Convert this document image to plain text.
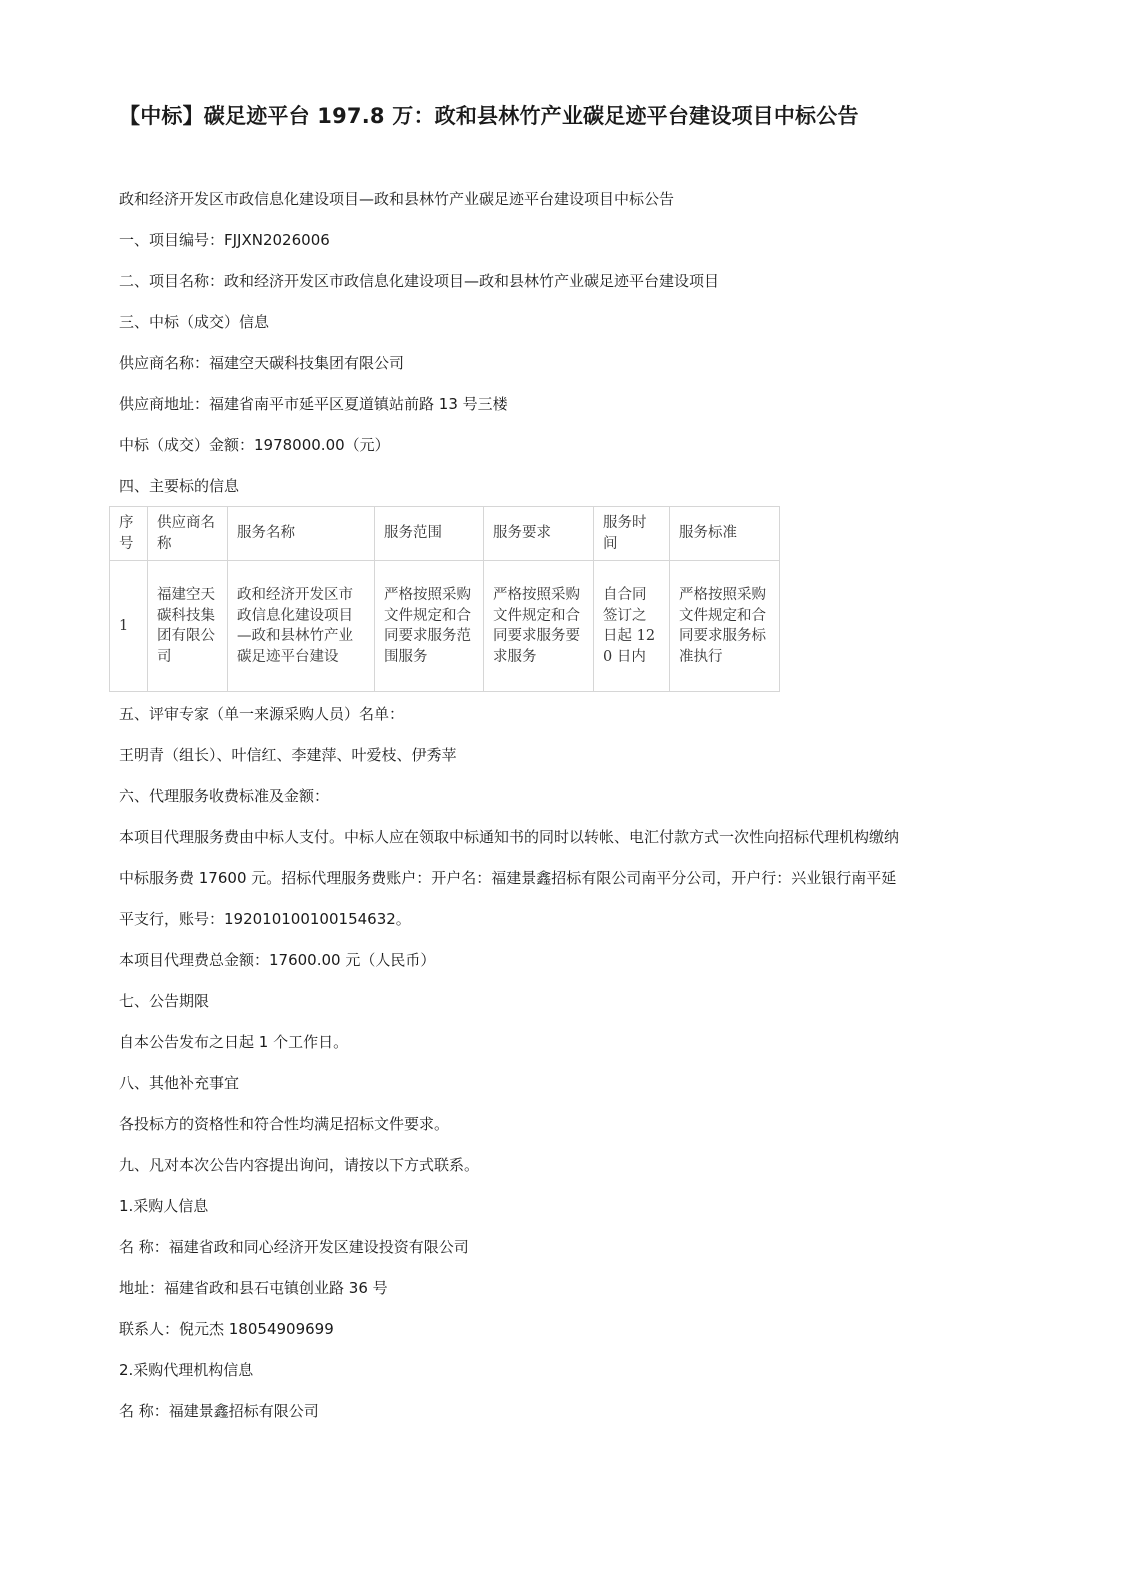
【中标】碳足迹平台 197.8 万：政和县林竹产业碳足迹平台建设项目中标公告

政和经济开发区市政信息化建设项目—政和县林竹产业碳足迹平台建设项目中标公告

一、项目编号：FJJXN2026006

二、项目名称：政和经济开发区市政信息化建设项目—政和县林竹产业碳足迹平台建设项目

三、中标（成交）信息

供应商名称：福建空天碳科技集团有限公司

供应商地址：福建省南平市延平区夏道镇站前路 13 号三楼

中标（成交）金额：1978000.00（元）

四、主要标的信息

序号	供应商名称	服务名称	服务范围	服务要求	服务时间	服务标准
1	福建空天碳科技集团有限公司	政和经济开发区市政信息化建设项目—政和县林竹产业碳足迹平台建设	严格按照采购文件规定和合同要求服务范围服务	严格按照采购文件规定和合同要求服务要求服务	自合同签订之日起 120 日内	严格按照采购文件规定和合同要求服务标准执行

五、评审专家（单一来源采购人员）名单：

王明青（组长）、叶信红、李建萍、叶爱枝、伊秀苹

六、代理服务收费标准及金额：

本项目代理服务费由中标人支付。中标人应在领取中标通知书的同时以转帐、电汇付款方式一次性向招标代理机构缴纳

中标服务费 17600 元。招标代理服务费账户：开户名：福建景鑫招标有限公司南平分公司，开户行：兴业银行南平延

平支行，账号：192010100100154632。

本项目代理费总金额：17600.00 元（人民币）

七、公告期限

自本公告发布之日起 1 个工作日。

八、其他补充事宜

各投标方的资格性和符合性均满足招标文件要求。

九、凡对本次公告内容提出询问，请按以下方式联系。

1.采购人信息

名 称：福建省政和同心经济开发区建设投资有限公司

地址：福建省政和县石屯镇创业路 36 号

联系人：倪元杰 18054909699

2.采购代理机构信息

名 称：福建景鑫招标有限公司
